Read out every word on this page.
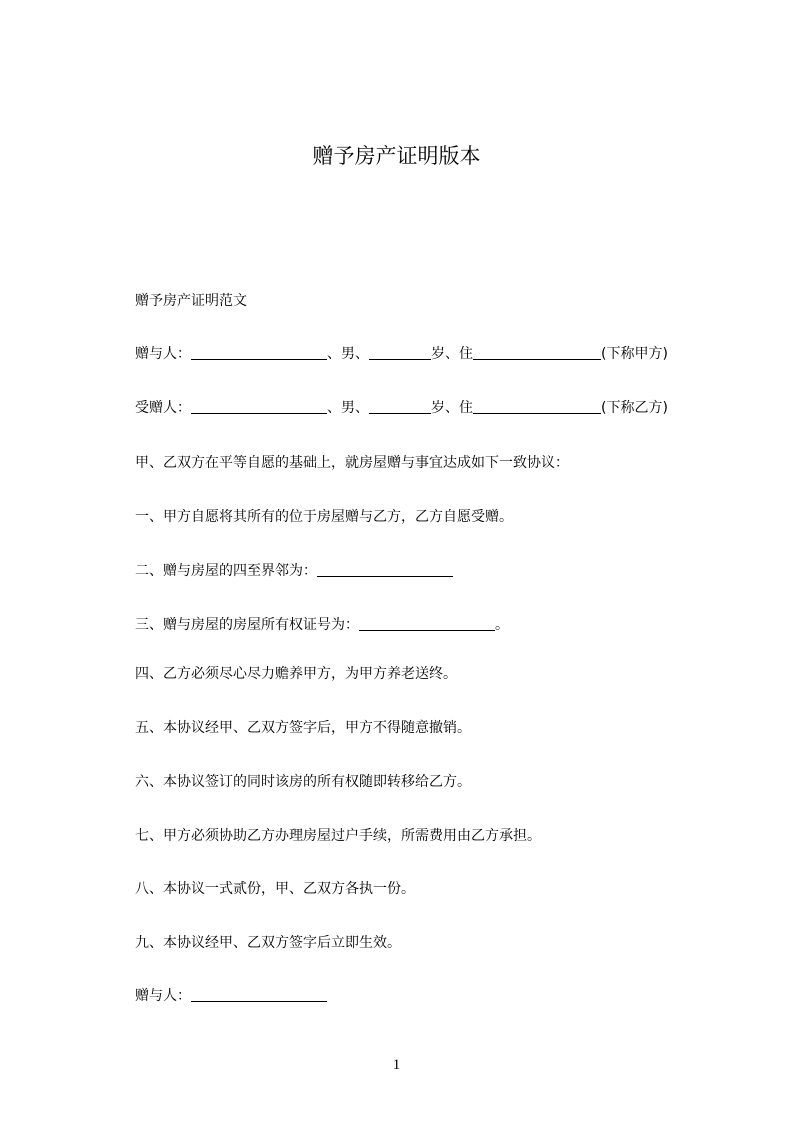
赠予房产证明版本
赠予房产证明范文
赠与人：	、男、	岁、住	(下称甲方)
受赠人：	、男、	岁、住	(下称乙方)
甲、乙双方在平等自愿的基础上，就房屋赠与事宜达成如下一致协议：
一、甲方自愿将其所有的位于房屋赠与乙方，乙方自愿受赠。
二、赠与房屋的四至界邻为：
三、赠与房屋的房屋所有权证号为：	。
四、乙方必须尽心尽力赡养甲方，为甲方养老送终。
五、本协议经甲、乙双方签字后，甲方不得随意撤销。
六、本协议签订的同时该房的所有权随即转移给乙方。
七、甲方必须协助乙方办理房屋过户手续，所需费用由乙方承担。
八、本协议一式贰份，甲、乙双方各执一份。
九、本协议经甲、乙双方签字后立即生效。
赠与人：
1
